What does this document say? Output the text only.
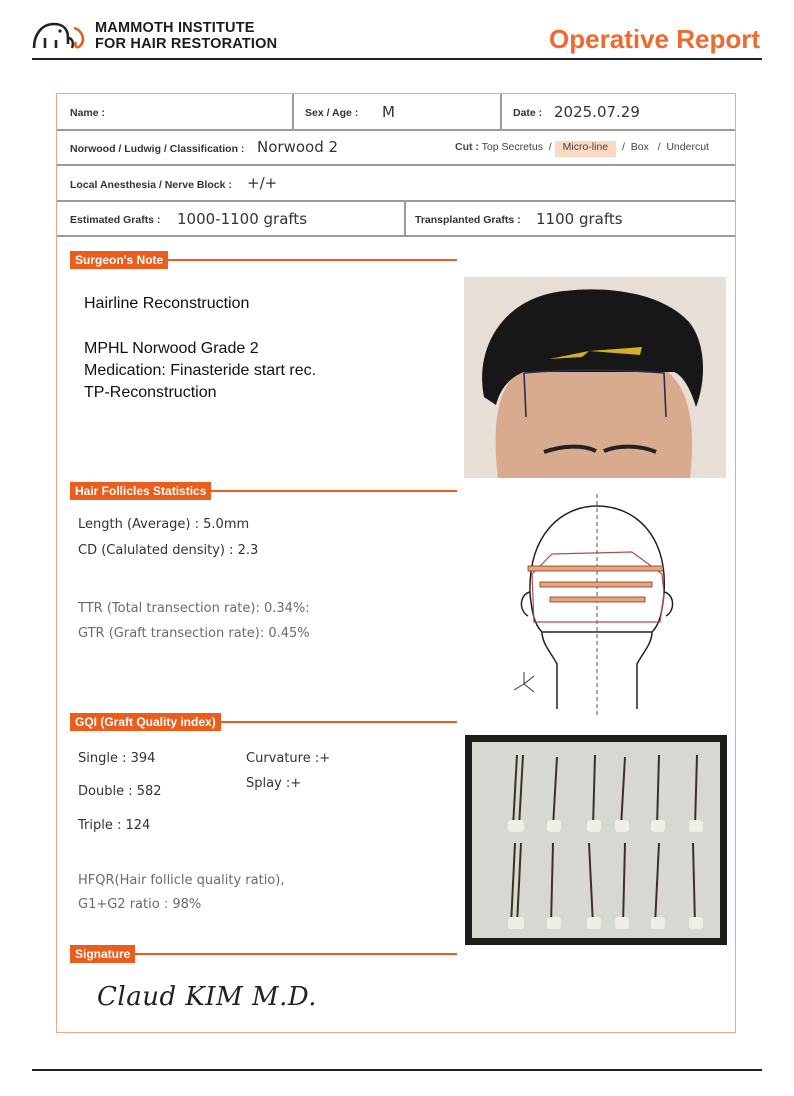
MAMMOTH INSTITUTE
FOR HAIR RESTORATION	Operative Report
Name :	Sex / Age : M	Date : 2025.07.29
Norwood / Ludwig / Classification : Norwood 2	Cut : Top Secretus  / Micro-line  /  Box   /  Undercut
Local Anesthesia / Nerve Block : +/+
Estimated Grafts : 1000-1100 grafts	Transplanted Grafts : 1100 grafts
Surgeon's Note
Hairline Reconstruction
MPHL Norwood Grade 2
Medication: Finasteride start rec.
TP-Reconstruction
Hair Follicles Statistics
Length (Average) : 5.0mm
CD (Calulated density) : 2.3
TTR (Total transection rate): 0.34%:
GTR (Graft transection rate): 0.45%
GQI (Graft Quality index)
Single : 394
Double : 582
Triple : 124
Curvature :+
Splay :+
HFQR(Hair follicle quality ratio),
G1+G2 ratio : 98%
Signature
Claud KIM M.D.
